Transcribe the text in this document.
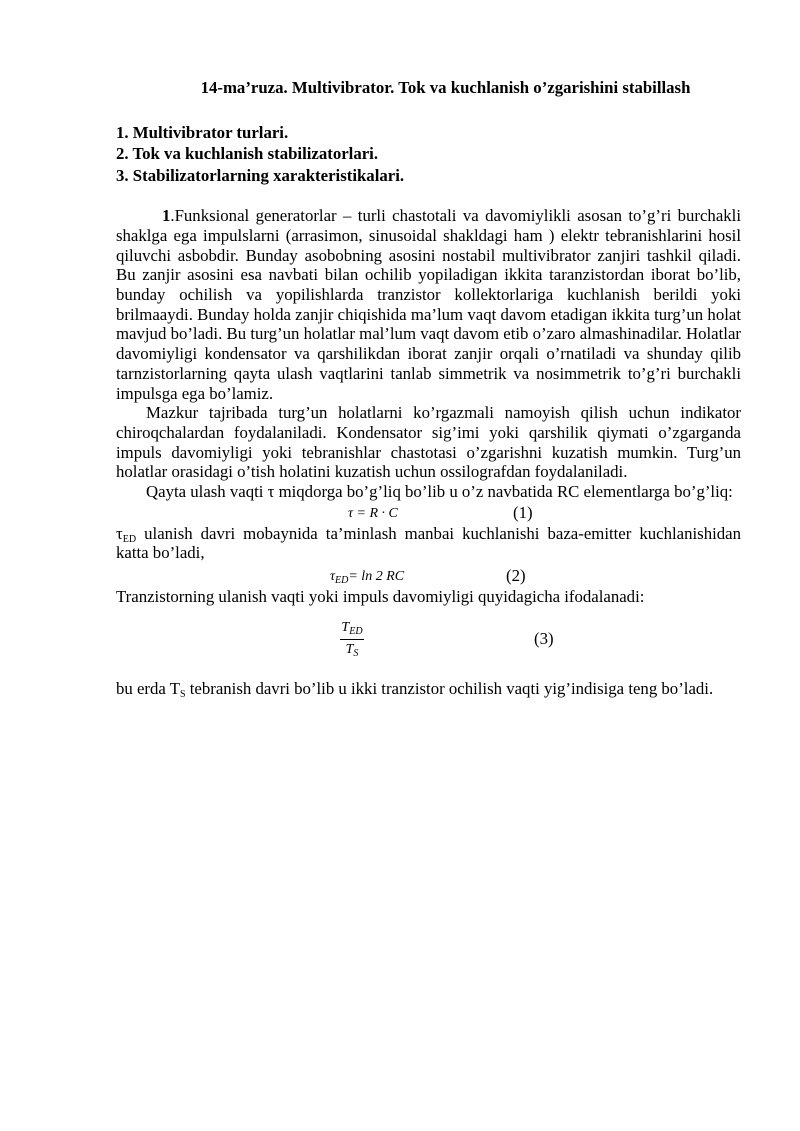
14-ma’ruza. Multivibrator. Tok va kuchlanish o’zgarishini stabillash
1. Multivibrator turlari.
2. Tok va kuchlanish stabilizatorlari.
3. Stabilizatorlarning xarakteristikalari.

1.Funksional generatorlar – turli chastotali va davomiylikli asosan to’g’ri burchakli shaklga ega impulslarni (arrasimon, sinusoidal shakldagi ham ) elektr tebranishlarini hosil qiluvchi asbobdir. Bunday asobobning asosini nostabil multivibrator zanjiri tashkil qiladi. Bu zanjir asosini esa navbati bilan ochilib yopiladigan ikkita taranzistordan iborat bo’lib, bunday ochilish va yopilishlarda tranzistor kollektorlariga kuchlanish berildi yoki brilmaaydi. Bunday holda zanjir chiqishida ma’lum vaqt davom etadigan ikkita turg’un holat mavjud bo’ladi. Bu turg’un holatlar mal’lum vaqt davom etib o’zaro almashinadilar. Holatlar davomiyligi kondensator va qarshilikdan iborat zanjir orqali o’rnatiladi va shunday qilib tarnzistorlarning qayta ulash vaqtlarini tanlab simmetrik va nosimmetrik to’g’ri burchakli impulsga ega bo’lamiz.

Mazkur tajribada turg’un holatlarni ko’rgazmali namoyish qilish uchun indikator chiroqchalardan foydalaniladi. Kondensator sig’imi yoki qarshilik qiymati o’zgarganda impuls davomiyligi yoki tebranishlar chastotasi o’zgarishni kuzatish mumkin. Turg’un holatlar orasidagi o’tish holatini kuzatish uchun ossilografdan foydalaniladi.

Qayta ulash vaqti τ miqdorga bo’g’liq bo’lib u o’z navbatida RC elementlarga bo’g’liq:

τ = R · C	(1)

$\tau_{ED}$ ulanish davri mobaynida ta’minlash manbai kuchlanishi baza-emitter kuchlanishidan katta bo’ladi,

$\tau_{ED}= \ln 2$ RC	(2)

Tranzistorning ulanish vaqti yoki impuls davomiyligi quyidagicha ifodalanadi:

$T_{ED}$
$T_S$
(3)

bu erda $T_S$ tebranish davri bo’lib u ikki tranzistor ochilish vaqti yig’indisiga teng bo’ladi.
